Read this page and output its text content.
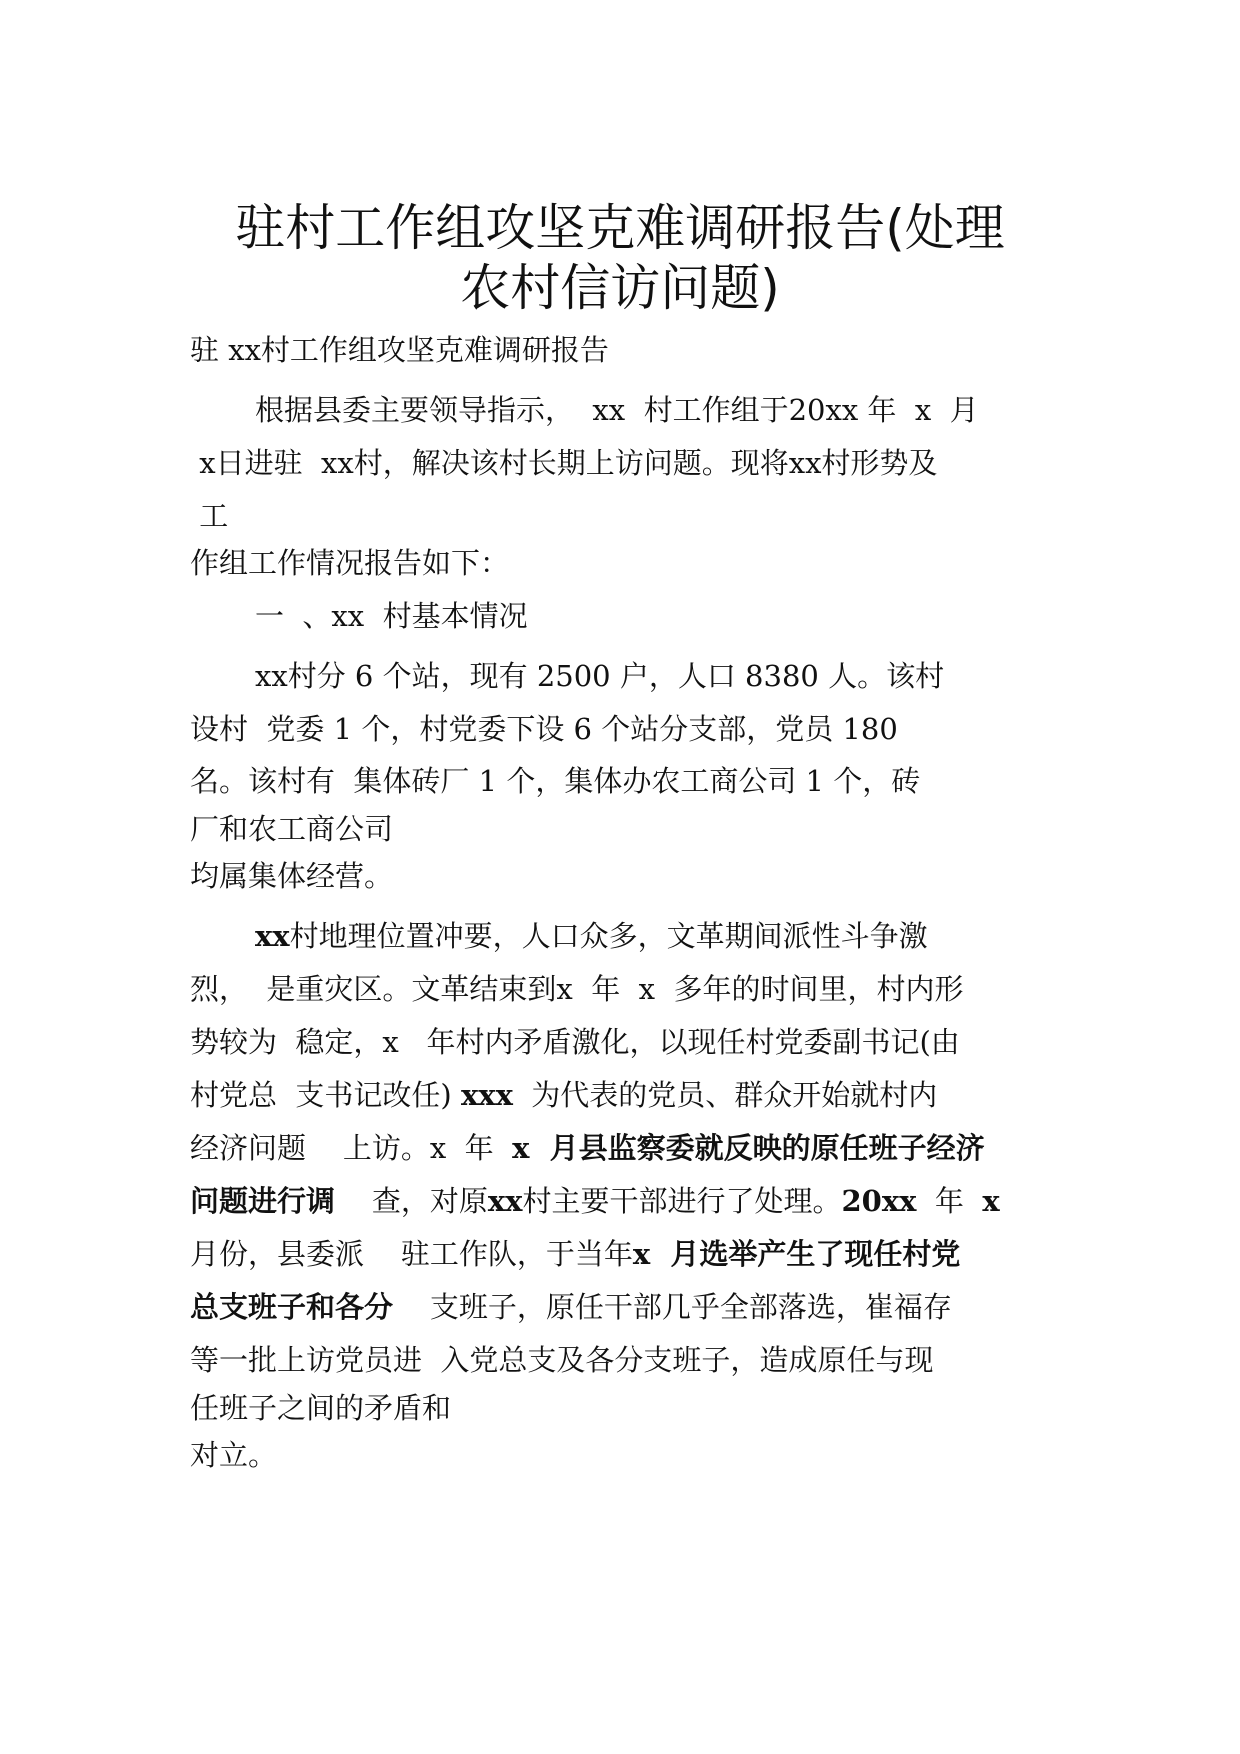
驻村工作组攻坚克难调研报告(处理
农村信访问题)
驻 xx村工作组攻坚克难调研报告
根据县委主要领导指示，  xx  村工作组于20xx 年  x  月
x日进驻  xx村，解决该村长期上访问题。现将xx村形势及
工
作组工作情况报告如下：
一  、xx  村基本情况
xx村分 6 个站，现有 2500 户，人口 8380 人。该村
设村  党委 1 个，村党委下设 6 个站分支部，党员 180
名。该村有  集体砖厂 1 个，集体办农工商公司 1 个，砖
厂和农工商公司
均属集体经营。
xx村地理位置冲要，人口众多，文革期间派性斗争激
烈，  是重灾区。文革结束到x  年  x  多年的时间里，村内形
势较为  稳定，x   年村内矛盾激化，以现任村党委副书记(由
村党总  支书记改任) xxx  为代表的党员、群众开始就村内
经济问题    上访。x  年  x  月县监察委就反映的原任班子经济
问题进行调    查，对原xx村主要干部进行了处理。20xx  年  x
月份，县委派    驻工作队，于当年x  月选举产生了现任村党
总支班子和各分    支班子，原任干部几乎全部落选，崔福存
等一批上访党员进  入党总支及各分支班子，造成原任与现
任班子之间的矛盾和
对立。
